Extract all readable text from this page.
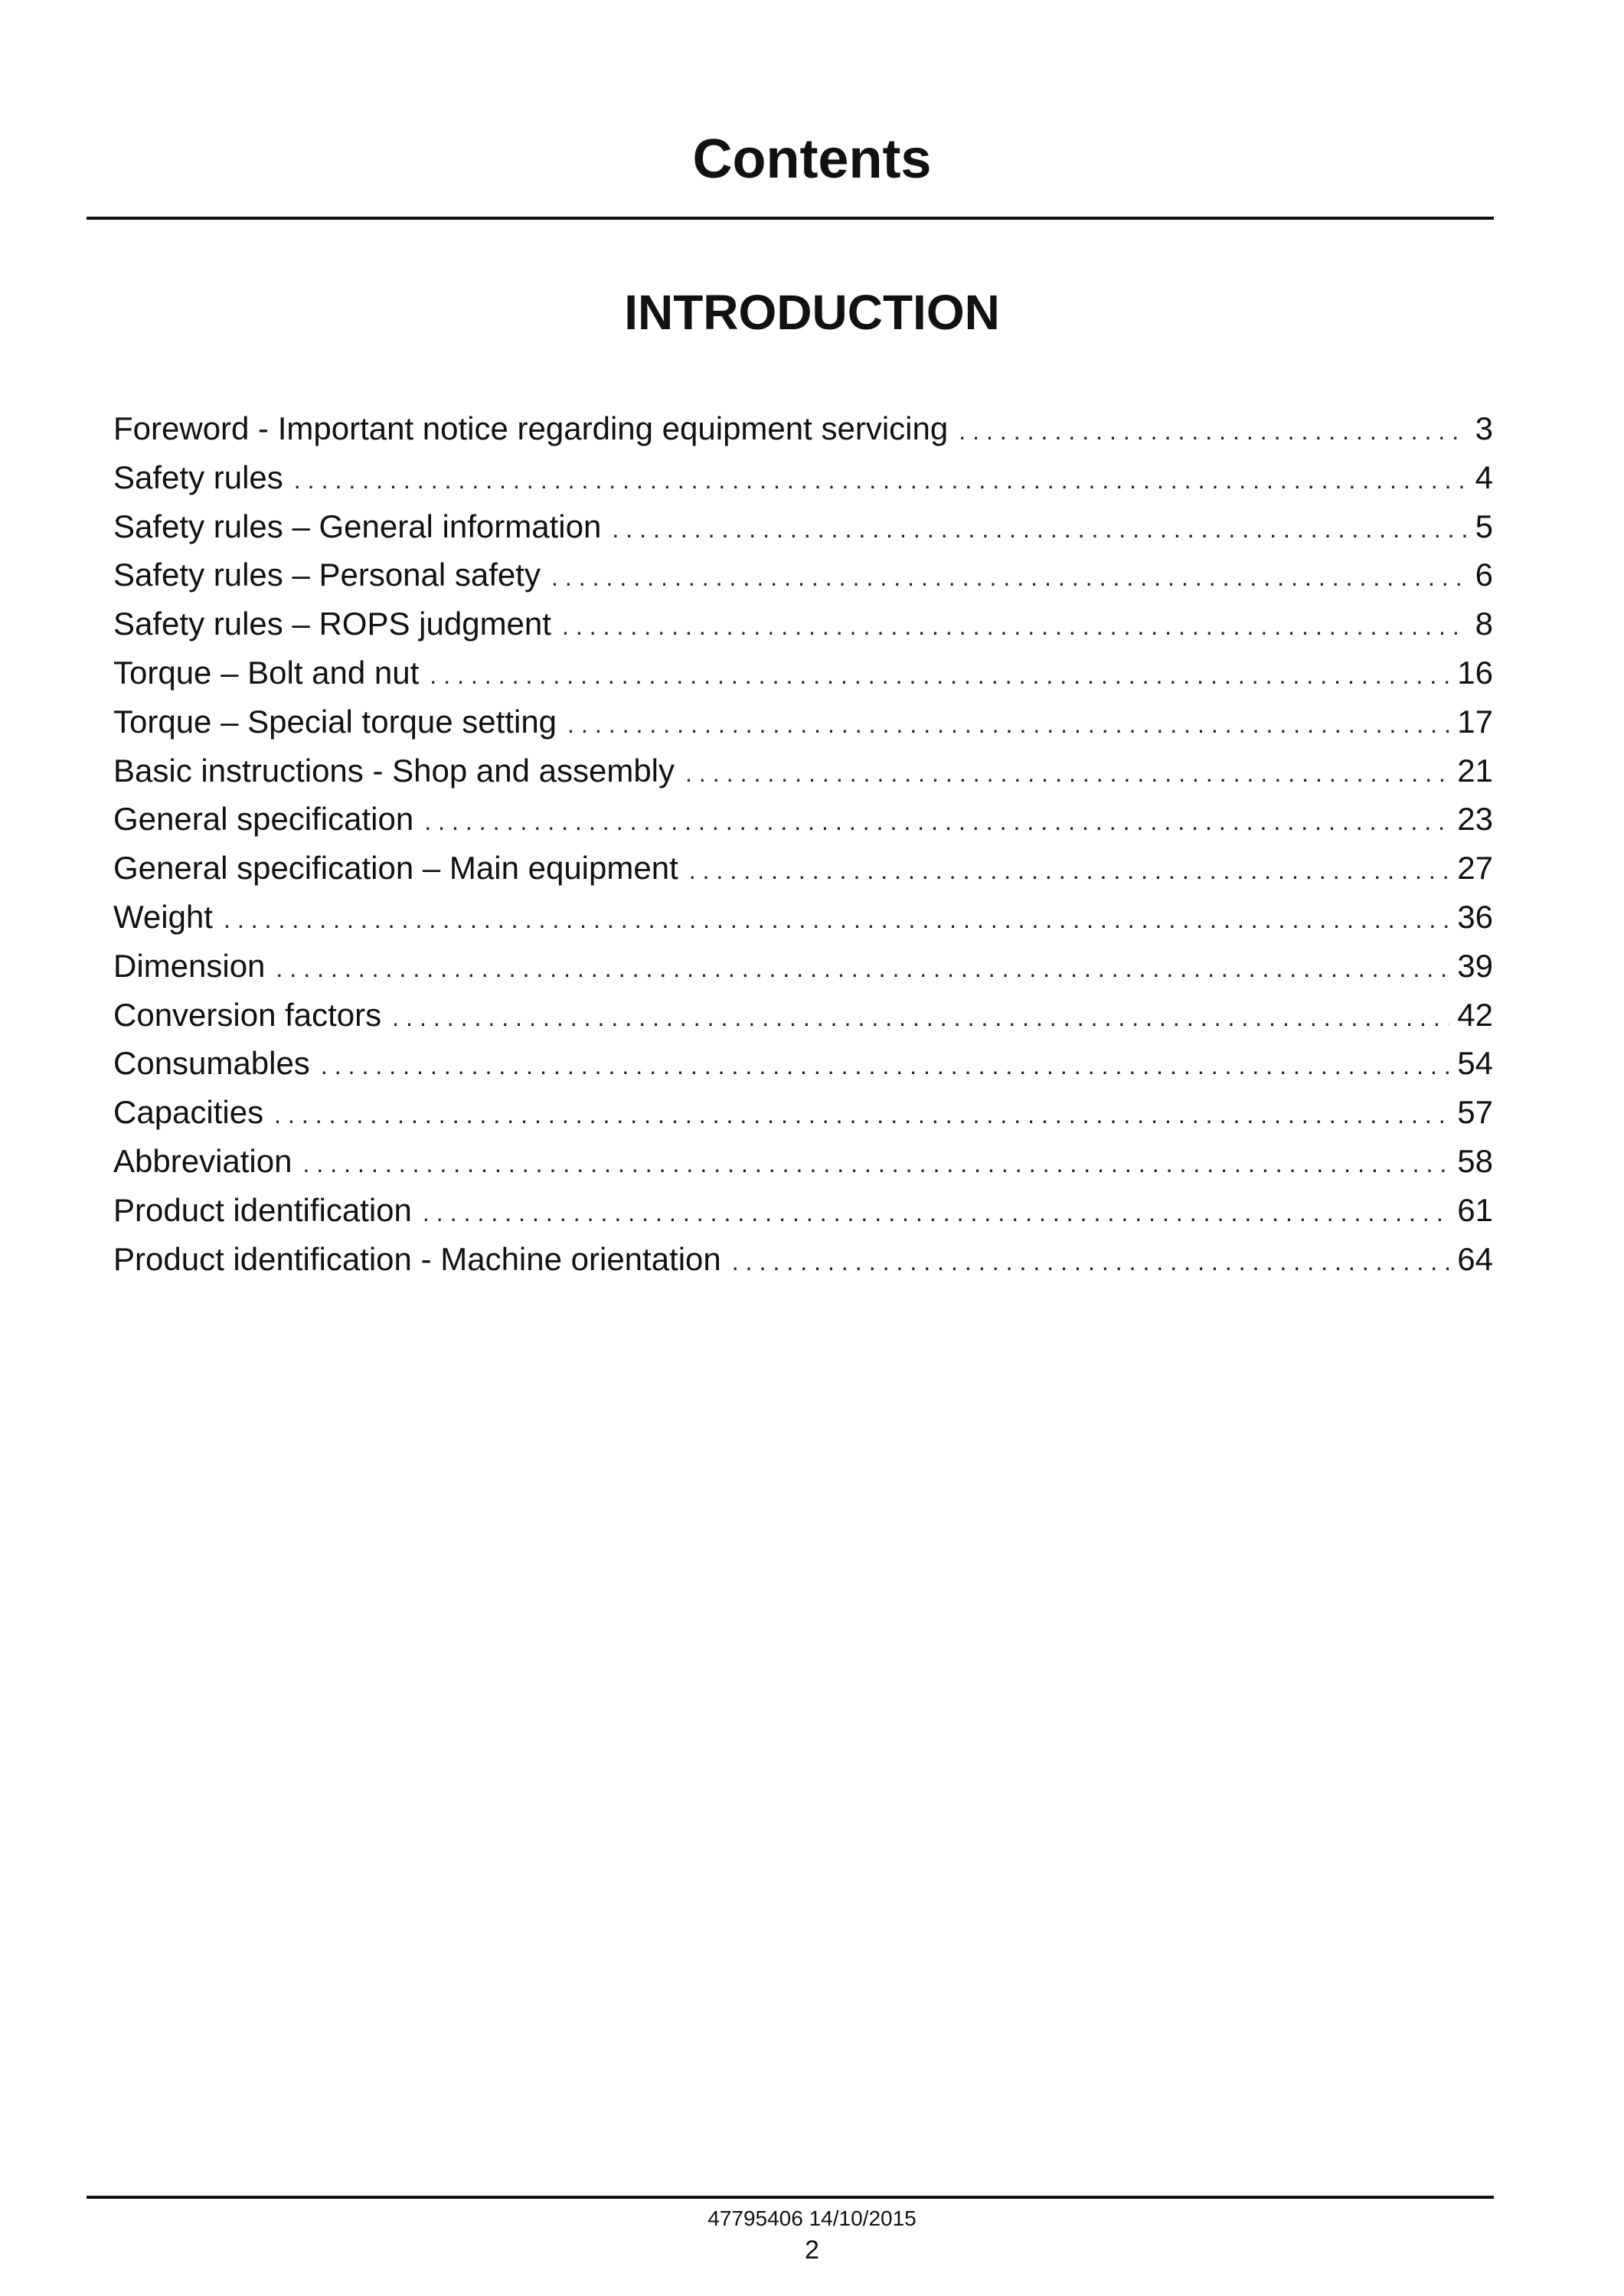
Contents
INTRODUCTION
Foreword - Important notice regarding equipment servicing .....	3
Safety rules .....	4
Safety rules – General information .....	5
Safety rules – Personal safety .....	6
Safety rules – ROPS judgment .....	8
Torque – Bolt and nut .....	16
Torque – Special torque setting .....	17
Basic instructions - Shop and assembly .....	21
General specification .....	23
General specification – Main equipment .....	27
Weight .....	36
Dimension .....	39
Conversion factors .....	42
Consumables .....	54
Capacities .....	57
Abbreviation .....	58
Product identification .....	61
Product identification - Machine orientation .....	64

47795406 14/10/2015

2
